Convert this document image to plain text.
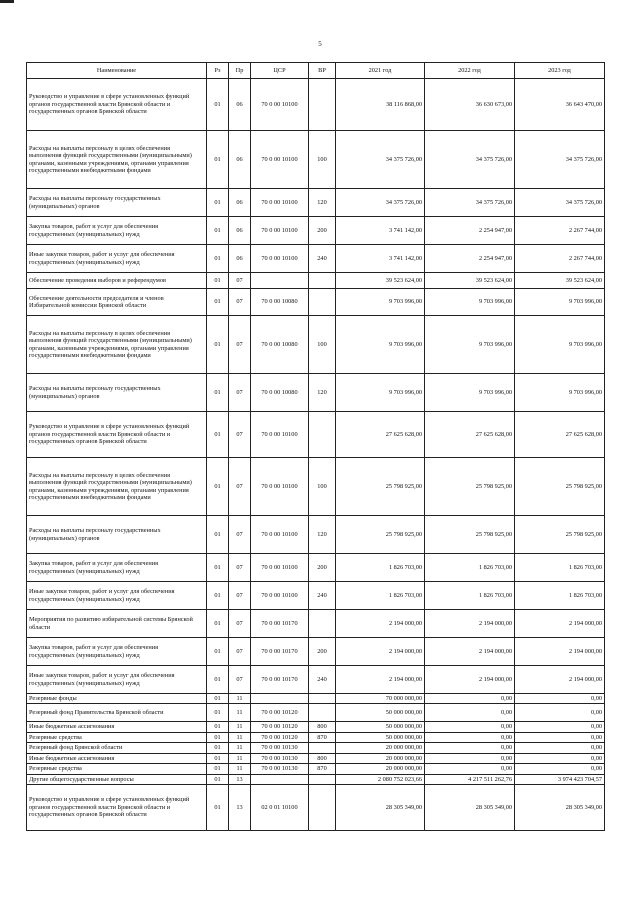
5
Наименование	Рз	Пр	ЦСР	ВР	2021 год	2022 год	2023 год
Руководство и управление в сфере установленных функций органов государственной власти Брянской области и государственных органов Брянской области	01	06	70 0 00 10100		38 116 868,00	36 630 673,00	36 643 470,00
Расходы на выплаты персоналу в целях обеспечения выполнения функций государственными (муниципальными) органами, казенными учреждениями, органами управления государственными внебюджетными фондами	01	06	70 0 00 10100	100	34 375 726,00	34 375 726,00	34 375 726,00
Расходы на выплаты персоналу государственных (муниципальных) органов	01	06	70 0 00 10100	120	34 375 726,00	34 375 726,00	34 375 726,00
Закупка товаров, работ и услуг для обеспечения государственных (муниципальных) нужд	01	06	70 0 00 10100	200	3 741 142,00	2 254 947,00	2 267 744,00
Иные закупки товаров, работ и услуг для обеспечения государственных (муниципальных) нужд	01	06	70 0 00 10100	240	3 741 142,00	2 254 947,00	2 267 744,00
Обеспечение проведения выборов и референдумов	01	07			39 523 624,00	39 523 624,00	39 523 624,00
Обеспечение деятельности председателя и членов Избирательной комиссии Брянской области	01	07	70 0 00 10080		9 703 996,00	9 703 996,00	9 703 996,00
Расходы на выплаты персоналу в целях обеспечения выполнения функций государственными (муниципальными) органами, казенными учреждениями, органами управления государственными внебюджетными фондами	01	07	70 0 00 10080	100	9 703 996,00	9 703 996,00	9 703 996,00
Расходы на выплаты персоналу государственных (муниципальных) органов	01	07	70 0 00 10080	120	9 703 996,00	9 703 996,00	9 703 996,00
Руководство и управление в сфере установленных функций органов государственной власти Брянской области и государственных органов Брянской области	01	07	70 0 00 10100		27 625 628,00	27 625 628,00	27 625 628,00
Расходы на выплаты персоналу в целях обеспечения выполнения функций государственными (муниципальными) органами, казенными учреждениями, органами управления государственными внебюджетными фондами	01	07	70 0 00 10100	100	25 798 925,00	25 798 925,00	25 798 925,00
Расходы на выплаты персоналу государственных (муниципальных) органов	01	07	70 0 00 10100	120	25 798 925,00	25 798 925,00	25 798 925,00
Закупка товаров, работ и услуг для обеспечения государственных (муниципальных) нужд	01	07	70 0 00 10100	200	1 826 703,00	1 826 703,00	1 826 703,00
Иные закупки товаров, работ и услуг для обеспечения государственных (муниципальных) нужд	01	07	70 0 00 10100	240	1 826 703,00	1 826 703,00	1 826 703,00
Мероприятия по развитию избирательной системы Брянской области	01	07	70 0 00 10170		2 194 000,00	2 194 000,00	2 194 000,00
Закупка товаров, работ и услуг для обеспечения государственных (муниципальных) нужд	01	07	70 0 00 10170	200	2 194 000,00	2 194 000,00	2 194 000,00
Иные закупки товаров, работ и услуг для обеспечения государственных (муниципальных) нужд	01	07	70 0 00 10170	240	2 194 000,00	2 194 000,00	2 194 000,00
Резервные фонды	01	11			70 000 000,00	0,00	0,00
Резервный фонд Правительства Брянской области	01	11	70 0 00 10120		50 000 000,00	0,00	0,00
Иные бюджетные ассигнования	01	11	70 0 00 10120	800	50 000 000,00	0,00	0,00
Резервные средства	01	11	70 0 00 10120	870	50 000 000,00	0,00	0,00
Резервный фонд Брянской области	01	11	70 0 00 10130		20 000 000,00	0,00	0,00
Иные бюджетные ассигнования	01	11	70 0 00 10130	800	20 000 000,00	0,00	0,00
Резервные средства	01	11	70 0 00 10130	870	20 000 000,00	0,00	0,00
Другие общегосударственные вопросы	01	13			2 080 752 023,66	4 217 511 262,76	3 974 423 704,57
Руководство и управление в сфере установленных функций органов государственной власти Брянской области и государственных органов Брянской области	01	13	02 0 01 10100		28 305 349,00	28 305 349,00	28 305 349,00
